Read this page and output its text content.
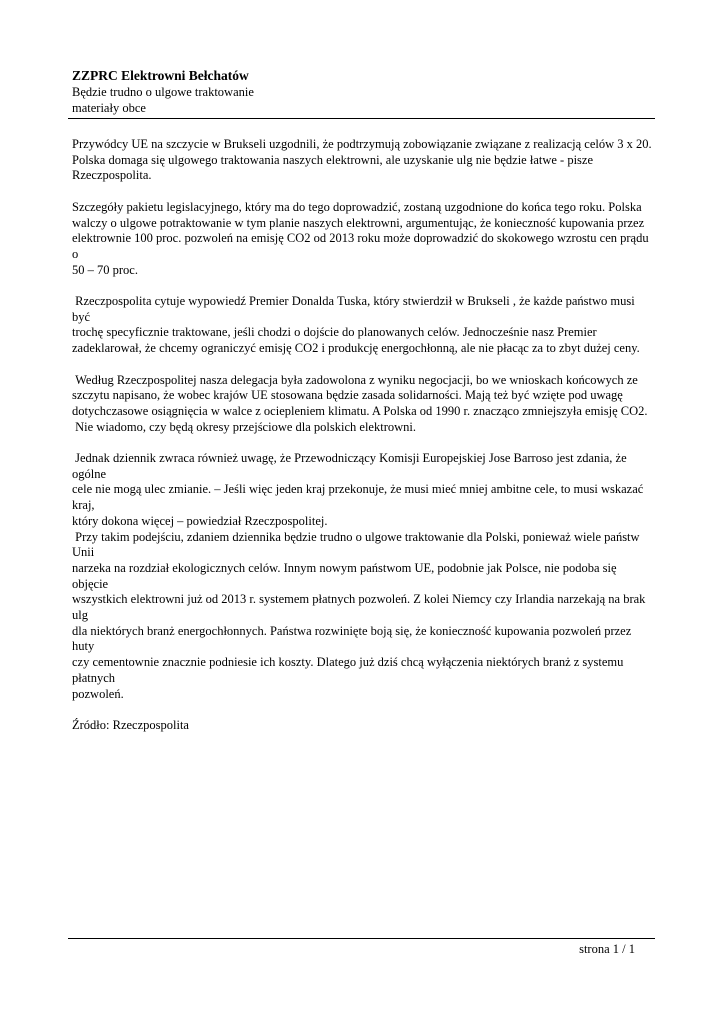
ZZPRC Elektrowni Bełchatów

Będzie trudno o ulgowe traktowanie

materiały obce

Przywódcy UE na szczycie w Brukseli uzgodnili, że podtrzymują zobowiązanie związane z realizacją celów 3 x 20.
Polska domaga się ulgowego traktowania naszych elektrowni, ale uzyskanie ulg nie będzie łatwe - pisze
Rzeczpospolita.

Szczegóły pakietu legislacyjnego, który ma do tego doprowadzić, zostaną uzgodnione do końca tego roku. Polska
walczy o ulgowe potraktowanie w tym planie naszych elektrowni, argumentując, że konieczność kupowania przez
elektrownie 100 proc. pozwoleń na emisję CO2 od 2013 roku może doprowadzić do skokowego wzrostu cen prądu o
50 – 70 proc.

Rzeczpospolita cytuje wypowiedź Premier Donalda Tuska, który stwierdził w Brukseli , że każde państwo musi być
trochę specyficznie traktowane, jeśli chodzi o dojście do planowanych celów. Jednocześnie nasz Premier
zadeklarował, że chcemy ograniczyć emisję CO2 i produkcję energochłonną, ale nie płacąc za to zbyt dużej ceny.

Według Rzeczpospolitej nasza delegacja była zadowolona z wyniku negocjacji, bo we wnioskach końcowych ze
szczytu napisano, że wobec krajów UE stosowana będzie zasada solidarności. Mają też być wzięte pod uwagę
dotychczasowe osiągnięcia w walce z ociepleniem klimatu. A Polska od 1990 r. znacząco zmniejszyła emisję CO2.
Nie wiadomo, czy będą okresy przejściowe dla polskich elektrowni.

Jednak dziennik zwraca również uwagę, że Przewodniczący Komisji Europejskiej Jose Barroso jest zdania, że ogólne
cele nie mogą ulec zmianie. – Jeśli więc jeden kraj przekonuje, że musi mieć mniej ambitne cele, to musi wskazać kraj,
który dokona więcej – powiedział Rzeczpospolitej.

Przy takim podejściu, zdaniem dziennika będzie trudno o ulgowe traktowanie dla Polski, ponieważ wiele państw Unii
narzeka na rozdział ekologicznych celów. Innym nowym państwom UE, podobnie jak Polsce, nie podoba się objęcie
wszystkich elektrowni już od 2013 r. systemem płatnych pozwoleń. Z kolei Niemcy czy Irlandia narzekają na brak ulg
dla niektórych branż energochłonnych. Państwa rozwinięte boją się, że konieczność kupowania pozwoleń przez huty
czy cementownie znacznie podniesie ich koszty. Dlatego już dziś chcą wyłączenia niektórych branż z systemu płatnych
pozwoleń.

Źródło: Rzeczpospolita

strona 1 / 1
